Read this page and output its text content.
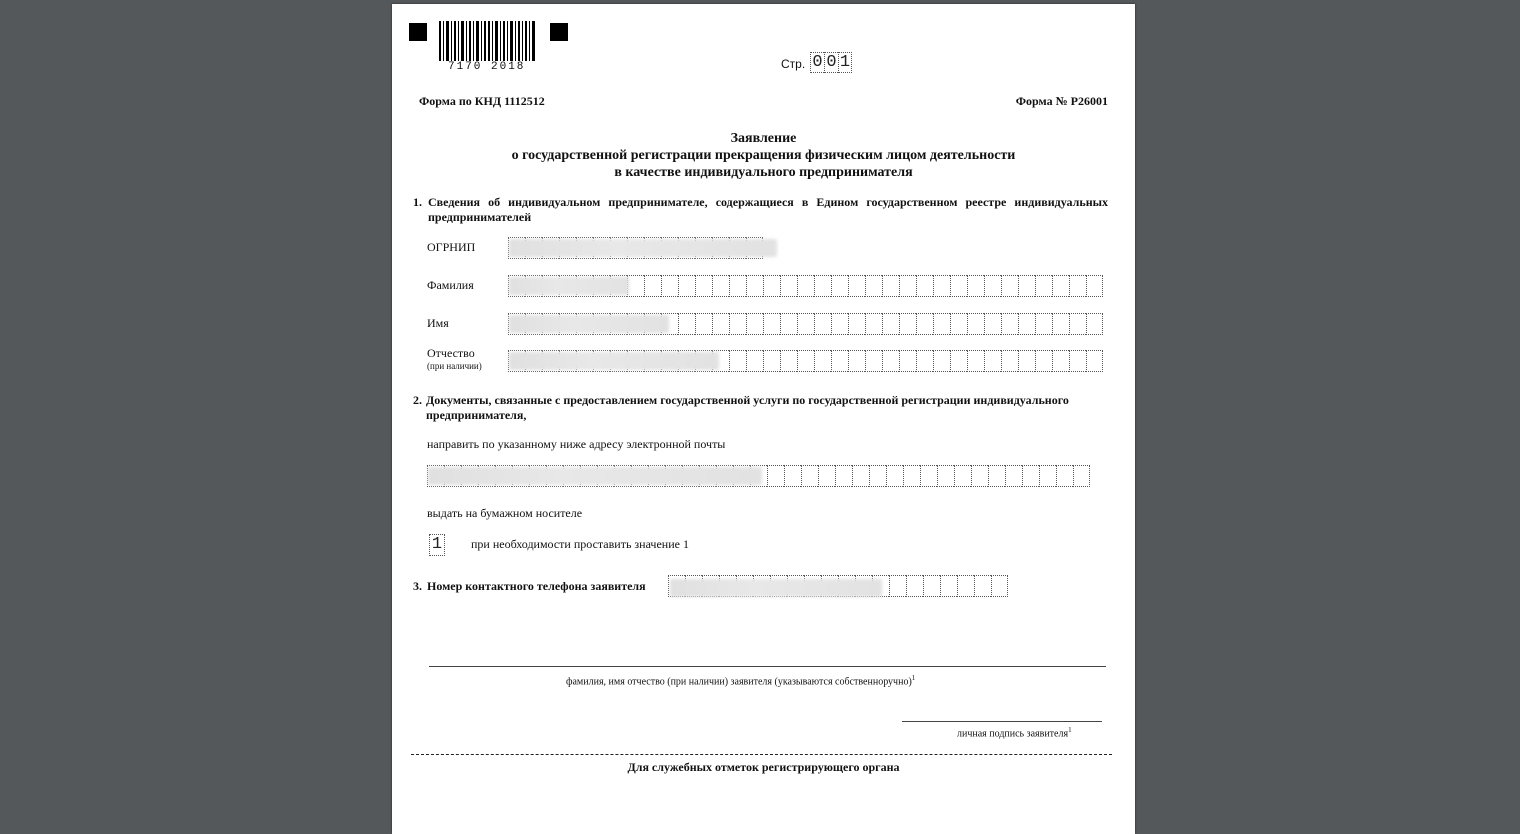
7170 2018	Стр. 0 0 1
Форма по КНД 1112512	Форма № Р26001
Заявление
о государственной регистрации прекращения физическим лицом деятельности
в качестве индивидуального предпринимателя
1. Сведения об индивидуальном предпринимателе, содержащиеся в Едином государственном реестре индивидуальных предпринимателей
ОГРНИП
Фамилия
Имя
Отчество
(при наличии)
2. Документы, связанные с предоставлением государственной услуги по государственной регистрации индивидуального предпринимателя,
направить по указанному ниже адресу электронной почты
выдать на бумажном носителе
1 при необходимости проставить значение 1
3. Номер контактного телефона заявителя
фамилия, имя отчество (при наличии) заявителя (указываются собственноручно)$^1$
личная подпись заявителя$^1$
Для служебных отметок регистрирующего органа
